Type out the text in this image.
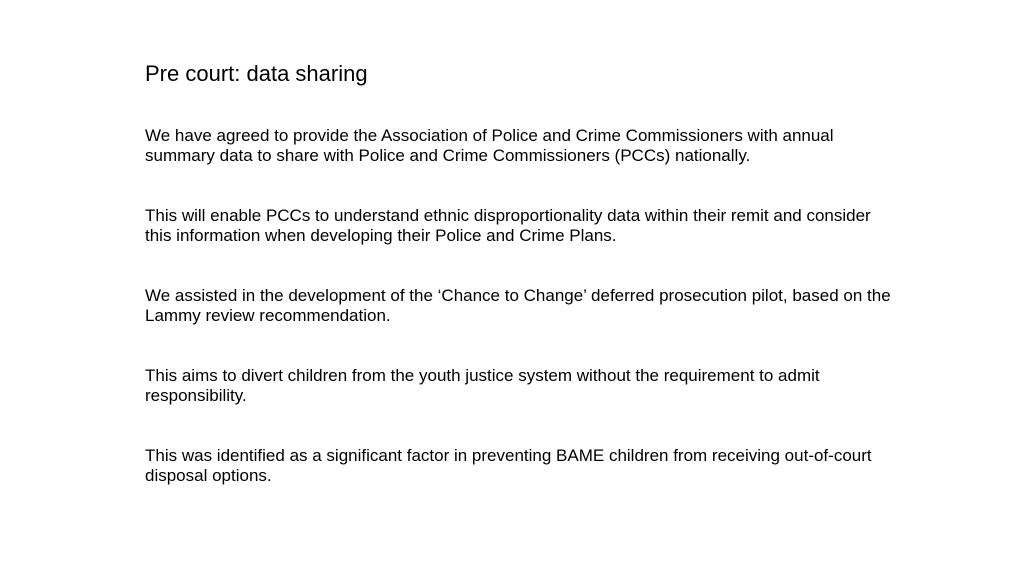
Pre court: data sharing

We have agreed to provide the Association of Police and Crime Commissioners with annual summary data to share with Police and Crime Commissioners (PCCs) nationally.

This will enable PCCs to understand ethnic disproportionality data within their remit and consider this information when developing their Police and Crime Plans.

We assisted in the development of the ‘Chance to Change’ deferred prosecution pilot, based on the Lammy review recommendation.

This aims to divert children from the youth justice system without the requirement to admit responsibility.

This was identified as a significant factor in preventing BAME children from receiving out-of-court disposal options.
